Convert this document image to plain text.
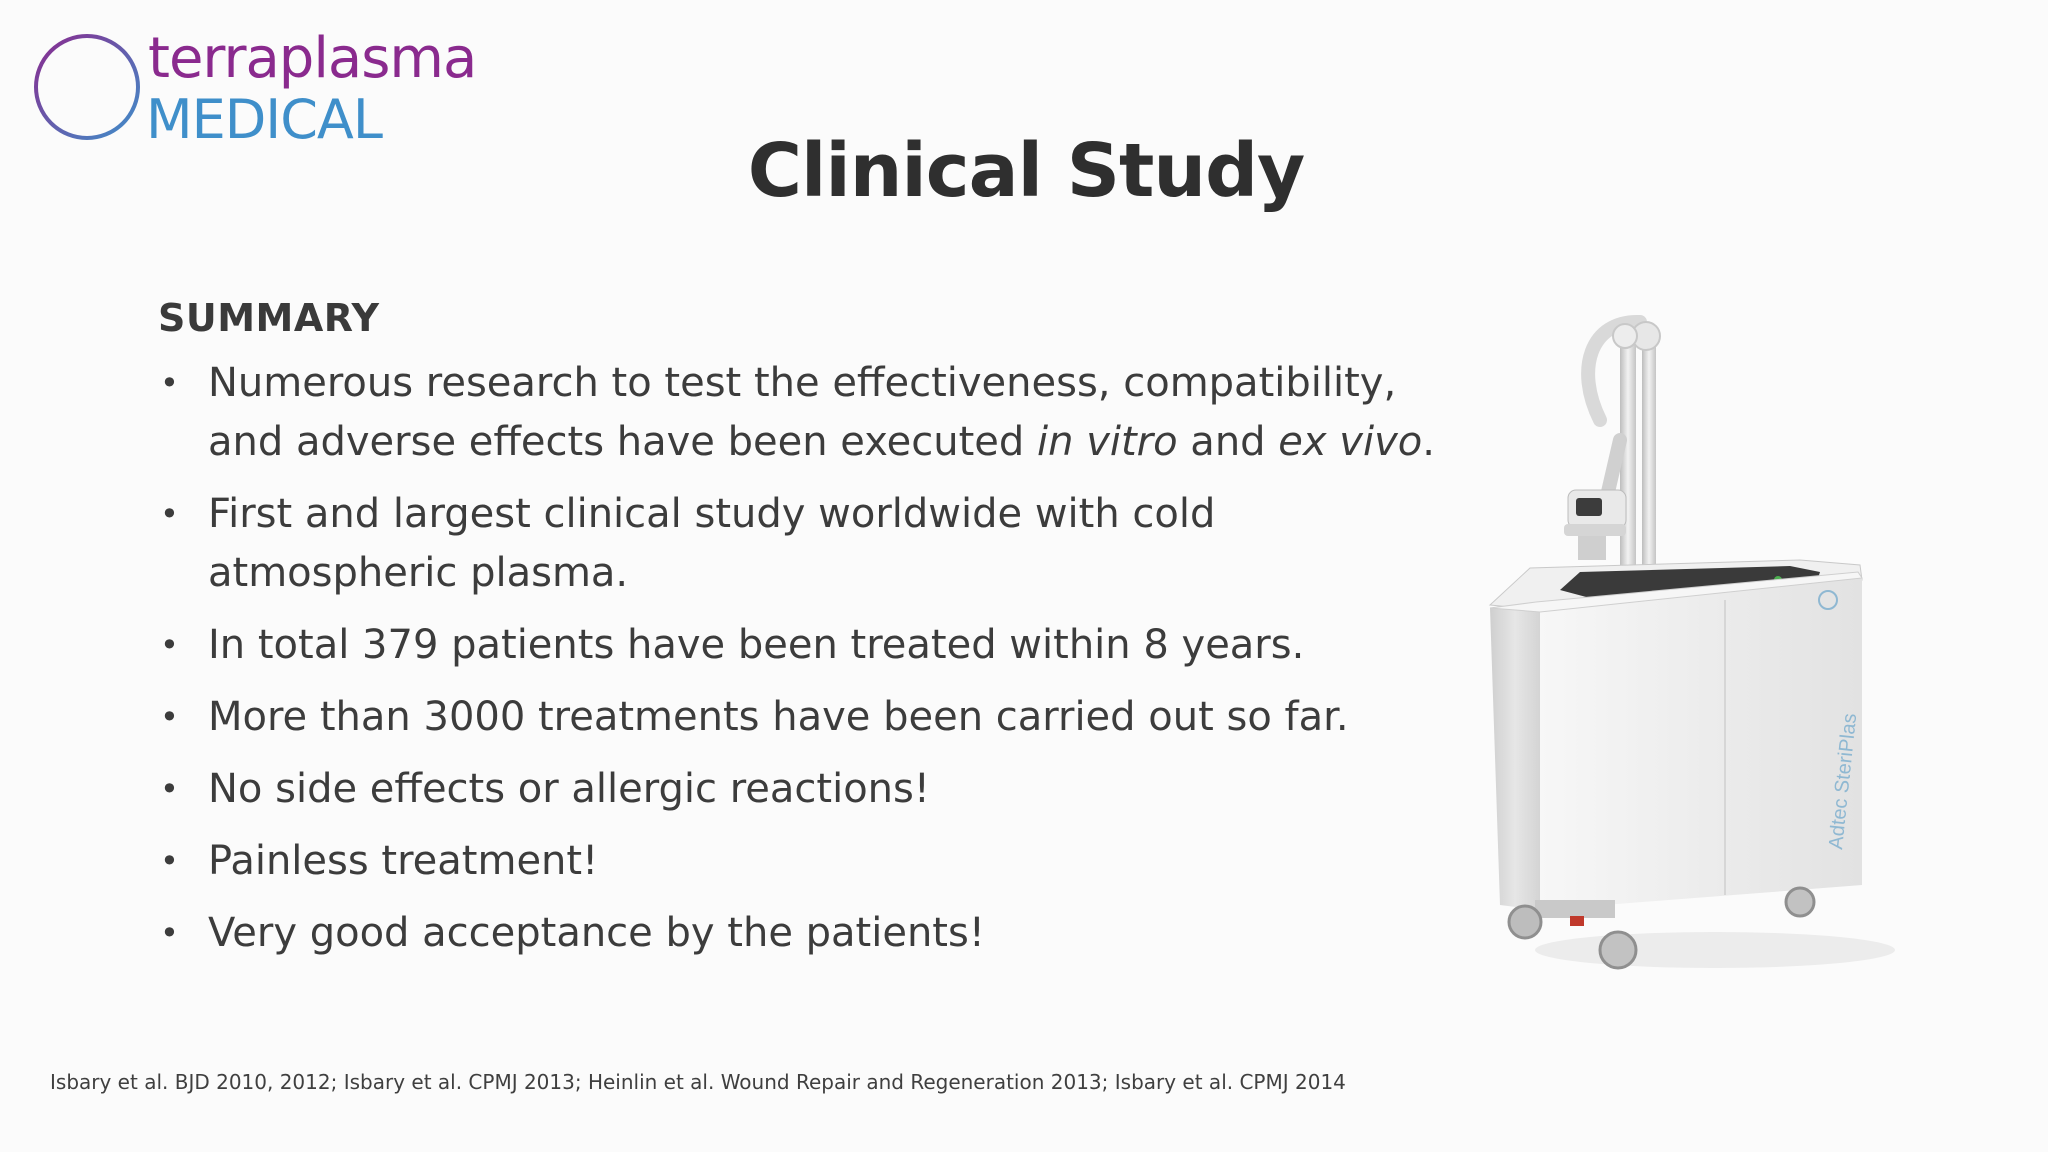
terraplasma
MEDICAL
Clinical Study
SUMMARY
• Numerous research to test the effectiveness, compatibility,
and adverse effects have been executed in vitro and ex vivo.
• First and largest clinical study worldwide with cold
atmospheric plasma.
• In total 379 patients have been treated within 8 years.
• More than 3000 treatments have been carried out so far.
• No side effects or allergic reactions!
• Painless treatment!
• Very good acceptance by the patients!
Adtec SteriPlas
Isbary et al. BJD 2010, 2012; Isbary et al. CPMJ 2013; Heinlin et al. Wound Repair and Regeneration 2013; Isbary et al. CPMJ 2014
